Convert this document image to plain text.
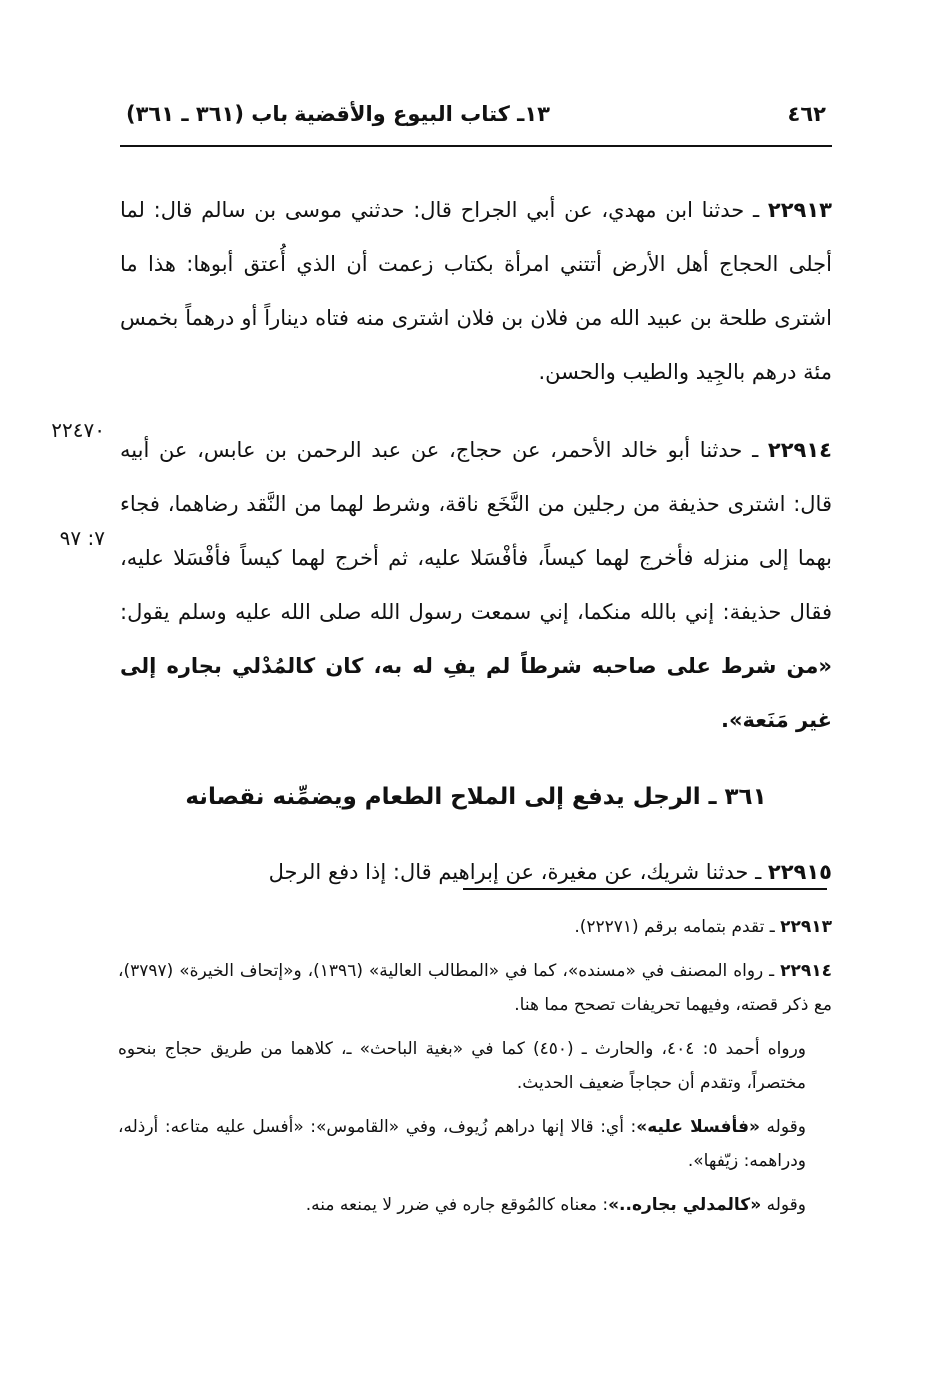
٤٦٢
١٣ـ كتاب البيوع والأقضية
باب (٣٦١ ـ ٣٦١)
٢٢٤٧٠
٧: ٩٧

٢٢٩١٣ ـ حدثنا ابن مهدي، عن أبي الجراح قال: حدثني موسى بن سالم قال: لما أجلى الحجاج أهل الأرض أتتني امرأة بكتاب زعمت أن الذي أُعتق أبوها: هذا ما اشترى طلحة بن عبيد الله من فلان بن فلان اشترى منه فتاه ديناراً أو درهماً بخمس مئة درهم بالجِيد والطيب والحسن.

٢٢٩١٤ ـ حدثنا أبو خالد الأحمر، عن حجاج، عن عبد الرحمن بن عابس، عن أبيه قال: اشترى حذيفة من رجلين من النَّخَع ناقة، وشرط لهما من النَّقد رضاهما، فجاء بهما إلى منزله فأخرج لهما كيساً، فأفْسَلا عليه، ثم أخرج لهما كيساً فأفْسَلا عليه، فقال حذيفة: إني بالله منكما، إني سمعت رسول الله صلى الله عليه وسلم يقول: «من شرط على صاحبه شرطاً لم يفِ له به، كان كالمُدْلي بجاره إلى غير مَنَعة».

٣٦١ ـ الرجل يدفع إلى الملاح الطعام ويضمِّنه نقصانه

٢٢٩١٥ ـ حدثنا شريك، عن مغيرة، عن إبراهيم قال: إذا دفع الرجل

٢٢٩١٣ ـ تقدم بتمامه برقم (٢٢٢٧١).

٢٢٩١٤ ـ رواه المصنف في «مسنده»، كما في «المطالب العالية» (١٣٩٦)، و«إتحاف الخيرة» (٣٧٩٧)، مع ذكر قصته، وفيهما تحريفات تصحح مما هنا.

ورواه أحمد ٥: ٤٠٤، والحارث ـ (٤٥٠) كما في «بغية الباحث» ـ، كلاهما من طريق حجاج بنحوه مختصراً، وتقدم أن حجاجاً ضعيف الحديث.

وقوله «فأفسلا عليه»: أي: قالا إنها دراهم زُيوف، وفي «القاموس»: «أفسل عليه متاعه: أرذله، ودراهمه: زيّفها».

وقوله «كالمدلي بجاره..»: معناه كالمُوقع جاره في ضرر لا يمنعه منه.
